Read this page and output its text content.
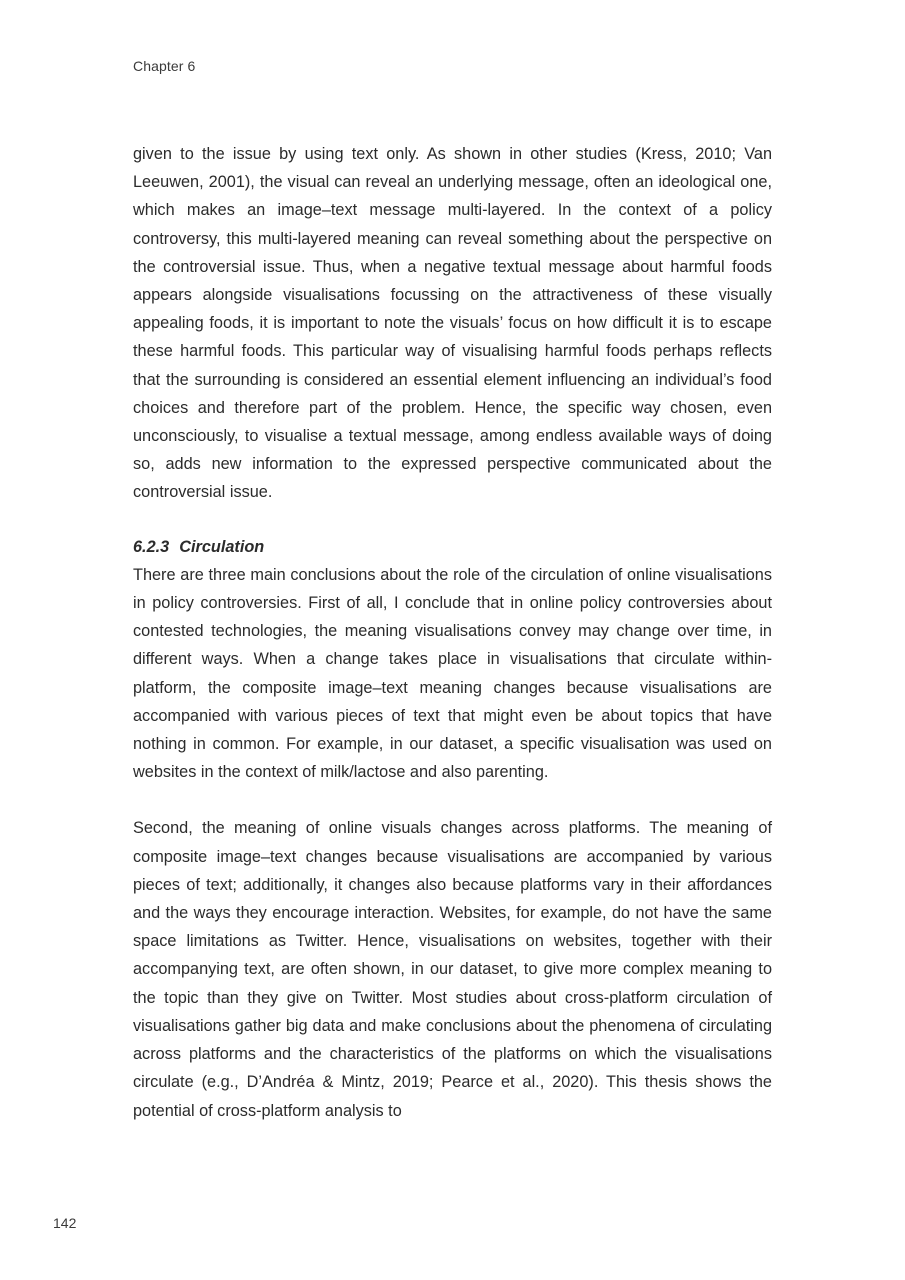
Chapter 6

given to the issue by using text only. As shown in other studies (Kress, 2010; Van Leeuwen, 2001), the visual can reveal an underlying message, often an ideological one, which makes an image–text message multi-layered. In the context of a policy controversy, this multi-layered meaning can reveal something about the perspective on the controversial issue. Thus, when a negative textual message about harmful foods appears alongside visualisations focussing on the attractiveness of these visually appealing foods, it is important to note the visuals’ focus on how difficult it is to escape these harmful foods. This particular way of visualising harmful foods perhaps reflects that the surrounding is considered an essential element influencing an individual’s food choices and therefore part of the problem. Hence, the specific way chosen, even unconsciously, to visualise a textual message, among endless available ways of doing so, adds new information to the expressed perspective communicated about the controversial issue.

6.2.3 Circulation

There are three main conclusions about the role of the circulation of online visualisations in policy controversies. First of all, I conclude that in online policy controversies about contested technologies, the meaning visualisations convey may change over time, in different ways. When a change takes place in visualisations that circulate within-platform, the composite image–text meaning changes because visualisations are accompanied with various pieces of text that might even be about topics that have nothing in common. For example, in our dataset, a specific visualisation was used on websites in the context of milk/lactose and also parenting.

Second, the meaning of online visuals changes across platforms. The meaning of composite image–text changes because visualisations are accompanied by various pieces of text; additionally, it changes also because platforms vary in their affordances and the ways they encourage interaction. Websites, for example, do not have the same space limitations as Twitter. Hence, visualisations on websites, together with their accompanying text, are often shown, in our dataset, to give more complex meaning to the topic than they give on Twitter. Most studies about cross-platform circulation of visualisations gather big data and make conclusions about the phenomena of circulating across platforms and the characteristics of the platforms on which the visualisations circulate (e.g., D’Andréa & Mintz, 2019; Pearce et al., 2020). This thesis shows the potential of cross-platform analysis to

142
